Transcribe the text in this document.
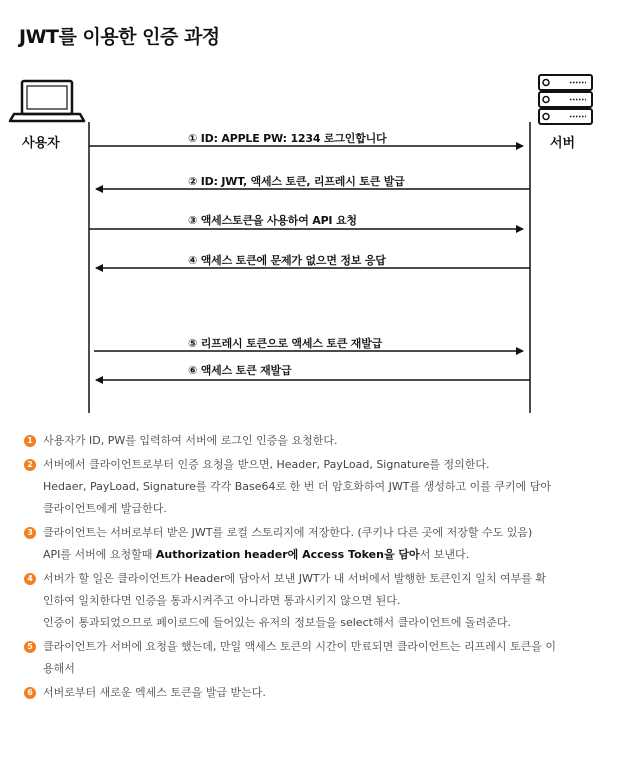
JWT를 이용한 인증 과정
사용자	서버
① ID: APPLE PW: 1234 로그인합니다
② ID: JWT, 액세스 토큰, 리프레시 토큰 발급
③ 액세스토큰을 사용하여 API 요청
④ 액세스 토큰에 문제가 없으면 정보 응답
⑤ 리프레시 토큰으로 액세스 토큰 재발급
⑥ 액세스 토큰 재발급
1 사용자가 ID, PW를 입력하여 서버에 로그인 인증을 요청한다.
2 서버에서 클라이언트로부터 인증 요청을 받으면, Header, PayLoad, Signature를 정의한다.
Hedaer, PayLoad, Signature를 각각 Base64로 한 번 더 암호화하여 JWT를 생성하고 이를 쿠키에 담아
클라이언트에게 발급한다.
3 클라이언트는 서버로부터 받은 JWT를 로컬 스토리지에 저장한다. (쿠키나 다른 곳에 저장할 수도 있음)
API를 서버에 요청할때 Authorization header에 Access Token을 담아서 보낸다.
4 서버가 할 일은 클라이언트가 Header에 담아서 보낸 JWT가 내 서버에서 발행한 토큰인지 일치 여부를 확
인하여 일치한다면 인증을 통과시켜주고 아니라면 통과시키지 않으면 된다.
인증이 통과되었으므로 페이로드에 들어있는 유저의 정보들을 select해서 클라이언트에 돌려준다.
5 클라이언트가 서버에 요청을 했는데, 만일 액세스 토큰의 시간이 만료되면 클라이언트는 리프레시 토큰을 이
용해서
6 서버로부터 새로운 엑세스 토큰을 발급 받는다.
